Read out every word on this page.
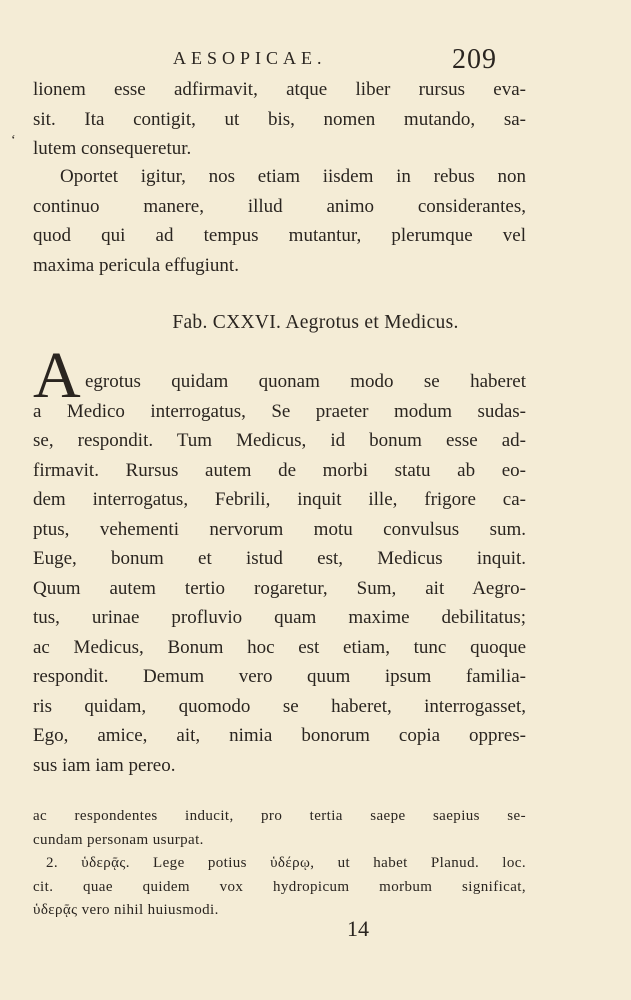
AESOPICAE.	209
ʻ
lionem esse adfirmavit, atque liber rursus eva-
sit. Ita contigit, ut bis, nomen mutando, sa-
lutem consequeretur.
Oportet igitur, nos etiam iisdem in rebus non
continuo manere, illud animo considerantes,
quod qui ad tempus mutantur, plerumque vel
maxima pericula effugiunt.
Fab. CXXVI. Aegrotus et Medicus.
A egrotus quidam quonam modo se haberet
a Medico interrogatus, Se praeter modum sudas-
se, respondit. Tum Medicus, id bonum esse ad-
firmavit. Rursus autem de morbi statu ab eo-
dem interrogatus, Febrili, inquit ille, frigore ca-
ptus, vehementi nervorum motu convulsus sum.
Euge, bonum et istud est, Medicus inquit.
Quum autem tertio rogaretur, Sum, ait Aegro-
tus, urinae profluvio quam maxime debilitatus;
ac Medicus, Bonum hoc est etiam, tunc quoque
respondit. Demum vero quum ipsum familia-
ris quidam, quomodo se haberet, interrogasset,
Ego, amice, ait, nimia bonorum copia oppres-
sus iam iam pereo.
ac respondentes inducit, pro tertia saepe saepius se-
cundam personam usurpat.
2. ὑδερᾷς. Lege potius ὑδέρῳ, ut habet Planud. loc.
cit. quae quidem vox hydropicum morbum significat,
ὑδερᾷς vero nihil huiusmodi.
14
